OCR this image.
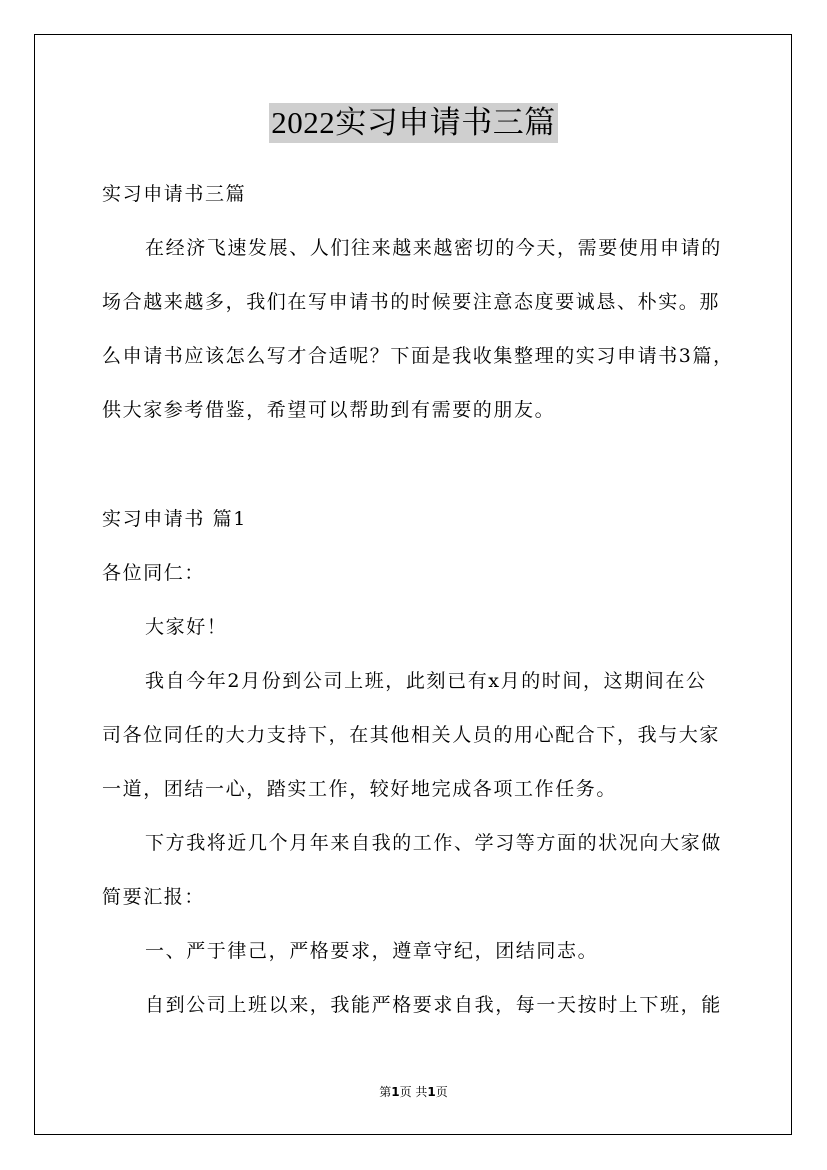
2022实习申请书三篇
实习申请书三篇
在经济飞速发展、人们往来越来越密切的今天，需要使用申请的
场合越来越多，我们在写申请书的时候要注意态度要诚恳、朴实。那
么申请书应该怎么写才合适呢？下面是我收集整理的实习申请书3篇，
供大家参考借鉴，希望可以帮助到有需要的朋友。
实习申请书 篇1
各位同仁：
大家好！
我自今年2月份到公司上班，此刻已有x月的时间，这期间在公
司各位同任的大力支持下，在其他相关人员的用心配合下，我与大家
一道，团结一心，踏实工作，较好地完成各项工作任务。
下方我将近几个月年来自我的工作、学习等方面的状况向大家做
简要汇报：
一、严于律己，严格要求，遵章守纪，团结同志。
自到公司上班以来，我能严格要求自我，每一天按时上下班，能
第1页 共1页
